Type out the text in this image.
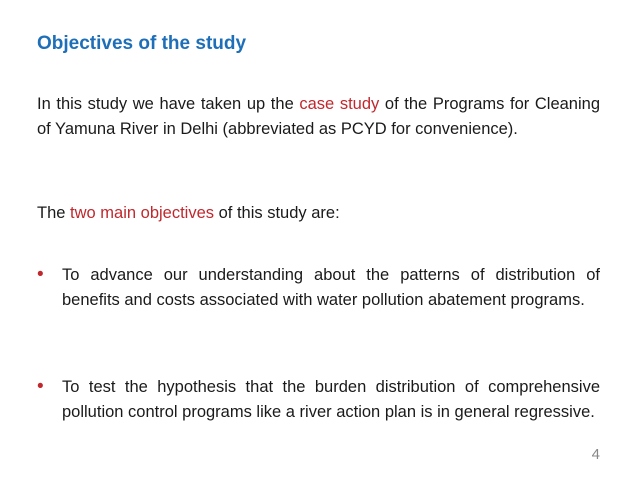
Objectives of the study
In this study we have taken up the case study of the Programs for Cleaning of Yamuna River in Delhi (abbreviated as PCYD for convenience).
The two main objectives of this study are:
• To advance our understanding about the patterns of distribution of benefits and costs associated with water pollution abatement programs.
• To test the hypothesis that the burden distribution of comprehensive pollution control programs like a river action plan is in general regressive.
4
